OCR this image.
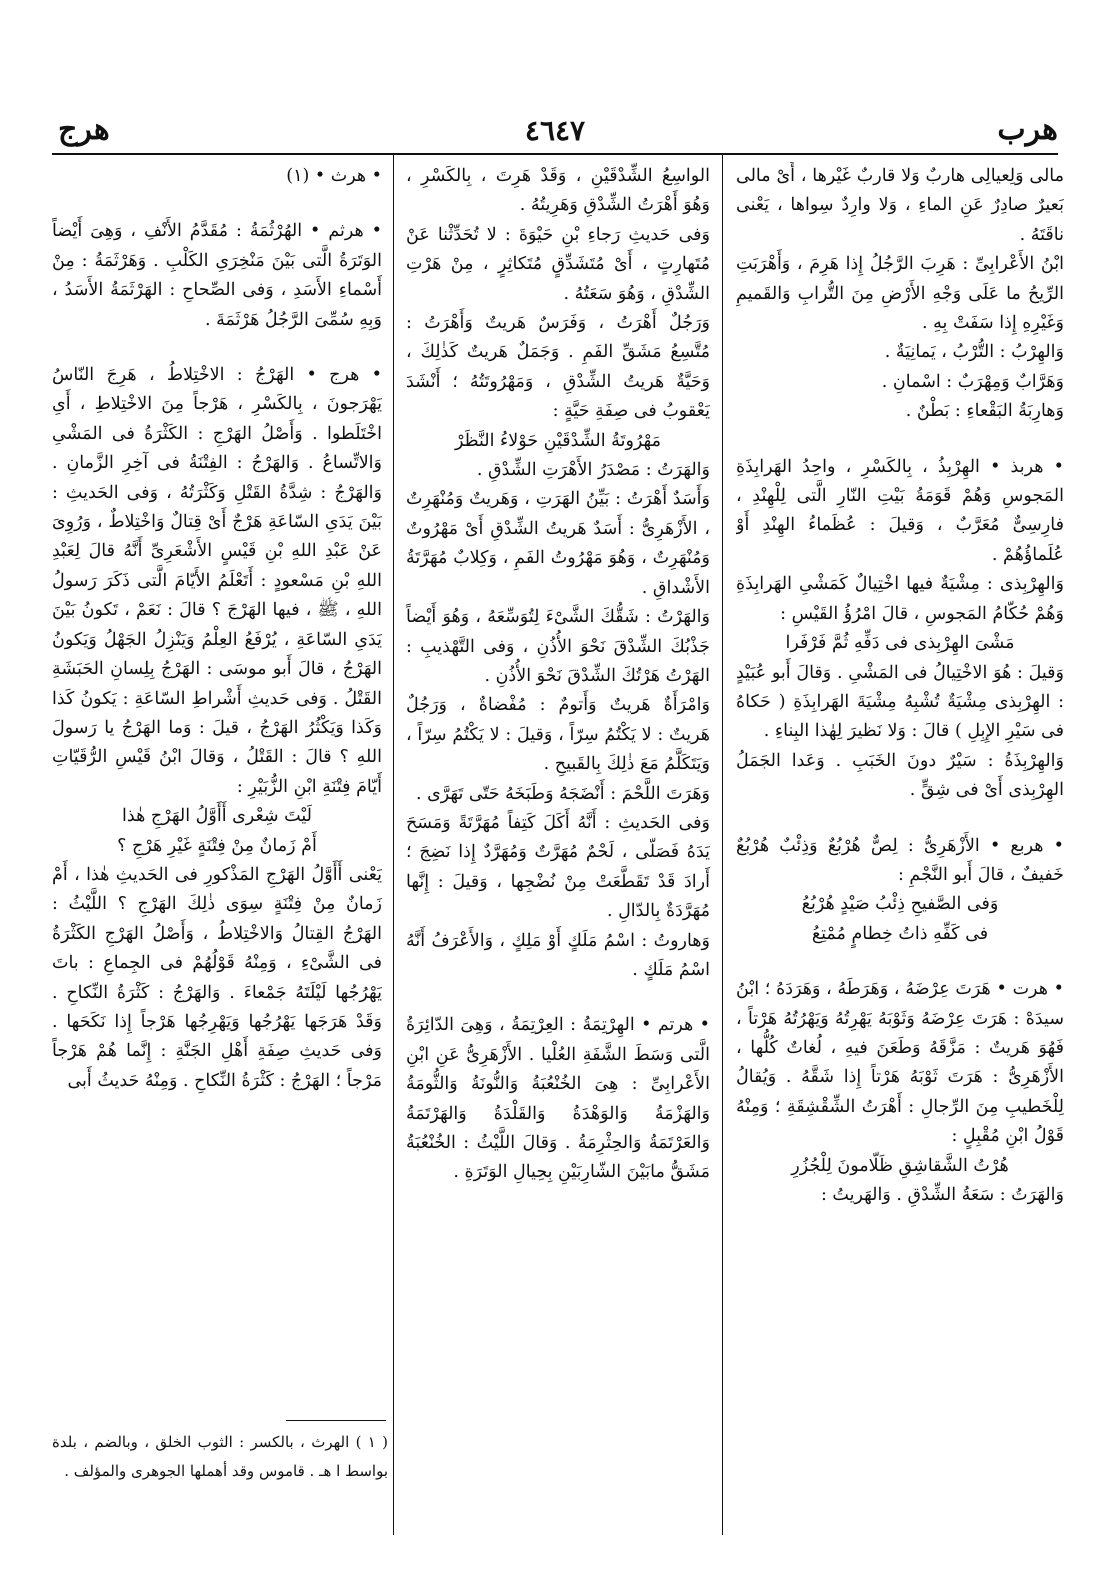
هرب
٤٦٤٧
هرج

مالى وَلِعيالِى هاربٌ وَلا قاربٌ غَيْرها ، أَىْ مالى بَعيرٌ صادِرٌ عَنِ الماءِ ، وَلا وارِدٌ سِواها ، يَعْنى ناقَتَهُ .

ابْنُ الأَعْرابِىِّ : هَرِبَ الرَّجُلُ إِذا هَرِمَ ، وَأَهْرَبَتِ الرِّيحُ ما عَلَى وَجْهِ الأَرْضِ مِنَ التُّرابِ وَالقَميمِ وَغَيْرِهِ إِذا سَفَتْ بِهِ .

وَالهِرْبُ : التُّرْبُ ، يَمانِيَةٌ .

وَهَرَّابٌ وَمِهْرَبٌ : اسْمانِ .

وَهارِبَةُ البَقْعاءِ : بَطْنٌ .

• هربذ • الهِرْبِذُ ، بِالكَسْرِ ، واحِدُ الهَرابِذَةِ المَجوسِ وَهُمْ قَوَمَةُ بَيْتِ النّارِ الَّتى لِلْهِنْدِ ، فارِسِىٌّ مُعَرَّبٌ ، وَقيلَ : عُظَماءُ الهِنْدِ أَوْ عُلَماؤُهُمْ .

وَالهِرْبِذى : مِشْيَةٌ فيها اخْتِيالٌ كَمَشْىِ الهَرابِذَةِ وَهُمْ حُكّامُ المَجوسِ ، قالَ امْرُؤُ القَيْسِ :

مَشْىَ الهِرْبِذى فى دَفِّهِ ثُمَّ فَرْفَرا

وَقيلَ : هُوَ الاخْتِيالُ فى المَشْىِ . وَقالَ أَبو عُبَيْدٍ : الهِرْبِذى مِشْيَةٌ تُشْبِهُ مِشْيَةَ الهَرابِذَةِ ( حَكاهُ فى سَيْرِ الإِبِلِ ) قالَ : وَلا نَظيرَ لِهٰذا البِناءِ .

وَالهِرْبِذَةُ : سَيْرٌ دونَ الخَبَبِ . وَعَدا الجَمَلُ الهِرْبِذى أَىْ فى شِقٍّ .

• هربع • الأَزْهَرِىُّ : لِصٌّ هُرْبُعٌ وَذِئْبٌ هُرْبُعٌ خَفيفٌ ، قالَ أَبو النَّجْمِ :

وَفى الصَّفيحِ ذِئْبُ صَيْدٍ هُرْبُعُ

فى كَفِّهِ ذاتُ خِطامٍ مُمْتِعُ

• هرت • هَرَتَ عِرْضَهُ ، وَهَرَطَهُ ، وَهَرَدَهُ ؛ ابْنُ سيدَهْ : هَرَتَ عِرْضَهُ وَثَوْبَهُ يَهْرِتُهُ وَيَهْرُتُهُ هَرْتاً ، فَهُوَ هَريتٌ : مَزَّقَهُ وَطَعَنَ فيهِ ، لُغاتٌ كُلُّها ، الأَزْهَرِىُّ : هَرَتَ ثَوْبَهُ هَرْتاً إِذا شَقَّهُ . وَيُقالُ لِلْخَطيبِ مِنَ الرِّجالِ : أَهْرَتُ الشِّقْشِقَةِ ؛ وَمِنْهُ قَوْلُ ابْنِ مُقْبِلٍ :

هُرْتُ الشَّقاشِقِ ظَلّامونَ لِلْجُزُرِ

وَالهَرَتُ : سَعَةُ الشِّدْقِ . وَالهَريتُ :

الواسِعُ الشِّدْقَيْنِ ، وَقَدْ هَرِتَ ، بِالكَسْرِ ، وَهُوَ أَهْرَتُ الشِّدْقِ وَهَرِيتُهُ .

وَفى حَديثِ رَجاءِ بْنِ حَيْوَةَ : لا تُحَدِّثْنا عَنْ مُتَهارِتٍ ، أَىْ مُتَشَدِّقٍ مُتَكاثِرٍ ، مِنْ هَرْتِ الشِّدْقِ ، وَهُوَ سَعَتُهُ .

وَرَجُلٌ أَهْرَتُ ، وَفَرَسٌ هَريتٌ وَأَهْرَتُ : مُتَّسِعُ مَشَقِّ الفَمِ . وَجَمَلٌ هَريتٌ كَذٰلِكَ ، وَحَيَّةٌ هَريتُ الشِّدْقِ ، وَمَهْرُوتَتُهُ ؛ أَنْشَدَ يَعْقوبُ فى صِفَةِ حَيَّةٍ :

مَهْرُوتَةُ الشِّدْقَيْنِ حَوْلاءُ النَّظَرْ

وَالهَرَتُ : مَصْدَرُ الأَهْرَتِ الشِّدْقِ .

وَأَسَدٌ أَهْرَتُ : بَيِّنُ الهَرَتِ ، وَهَريتٌ وَمُنْهَرِتٌ ، الأَزْهَرِىُّ : أَسَدٌ هَريتُ الشِّدْقِ أَىْ مَهْرُوتٌ وَمُنْهَرِتٌ ، وَهُوَ مَهْرُوتُ الفَمِ ، وَكِلابٌ مُهَرَّتَةُ الأَشْداقِ .

وَالهَرْتُ : شَقُّكَ الشَّىْءَ لِتُوَسِّعَهُ ، وَهُوَ أَيْضاً جَذْبُكَ الشِّدْقَ نَحْوَ الأُذُنِ ، وَفى التَّهْذيبِ : الهَرْتُ هَرْتُكَ الشِّدْقَ نَحْوَ الأُذُنِ .

وَامْرَأَةٌ هَريتٌ وَأَتومٌ : مُفْضاةٌ ، وَرَجُلٌ هَريتٌ : لا يَكْتُمُ سِرّاً ، وَقيلَ : لا يَكْتُمُ سِرّاً ، وَيَتَكَلَّمُ مَعَ ذٰلِكَ بِالقَبيحِ .

وَهَرَتَ اللَّحْمَ : أَنْضَجَهُ وَطَبَخَهُ حَتّى تَهَرَّى .

وَفى الحَديثِ : أَنَّهُ أَكَلَ كَتِفاً مُهَرَّتَةً وَمَسَحَ يَدَهُ فَصَلّى ، لَحْمٌ مُهَرَّتٌ وَمُهَرَّدٌ إِذا نَضِجَ ؛ أَرادَ قَدْ تَقَطَّعَتْ مِنْ نُضْجِها ، وَقيلَ : إِنَّها مُهَرَّدَةٌ بِالدّالِ .

وَهاروتُ : اسْمُ مَلَكٍ أَوْ مَلِكٍ ، وَالأَعْرَفُ أَنَّهُ اسْمُ مَلَكٍ .

• هرتم • الهِرْتِمَةُ : العِرْتِمَةُ ، وَهِىَ الدّائِرَةُ الَّتى وَسَطَ الشَّفَةِ العُلْيا . الأَزْهَرِىُّ عَنِ ابْنِ الأَعْرابِىِّ : هِىَ الخُنْعُبَةُ وَالنُّونَةُ وَالثُّومَةُ وَالهَزْمَةُ وَالوَهْدَةُ وَالقَلْدَةُ وَالهَرْتَمَةُ وَالعَرْتَمَةُ وَالحِثْرِمَةُ . وَقالَ اللَّيْثُ : الخُنْعُبَةُ مَشَقُّ مابَيْنَ الشّارِبَيْنِ بِحِيالِ الوَتَرَةِ .

• هرث • (١)

• هرثم • الهُرْثُمَةُ : مُقَدَّمُ الأَنْفِ ، وَهِىَ أَيْضاً الوَتَرَةُ الَّتى بَيْنَ مَنْخِرَىِ الكَلْبِ . وَهَرْثَمَةُ : مِنْ أَسْماءِ الأَسَدِ ، وَفى الصِّحاحِ : الهَرْثَمَةُ الأَسَدُ ، وَبِهِ سُمِّىَ الرَّجُلُ هَرْثَمَةَ .

• هرج • الهَرْجُ : الاخْتِلاطُ ، هَرِجَ النّاسُ يَهْرَجونَ ، بِالكَسْرِ ، هَرْجاً مِنَ الاخْتِلاطِ ، أَىِ اخْتَلَطوا . وَأَصْلُ الهَرْجِ : الكَثْرَةُ فى المَشْىِ وَالاتِّساعُ . وَالهَرْجُ : الفِتْنَةُ فى آخِرِ الزَّمانِ . وَالهَرْجُ : شِدَّةُ القَتْلِ وَكَثْرَتُهُ ، وَفى الحَديثِ : بَيْنَ يَدَىِ السّاعَةِ هَرْجٌ أَىْ قِتالٌ وَاخْتِلاطٌ ، وَرُوِىَ عَنْ عَبْدِ اللهِ بْنِ قَيْسٍ الأَشْعَرِىِّ أَنَّهُ قالَ لِعَبْدِ اللهِ بْنِ مَسْعودٍ : أَتَعْلَمُ الأَيّامَ الَّتى ذَكَرَ رَسولُ اللهِ ، ﷺ ، فيها الهَرْجَ ؟ قالَ : نَعَمْ ، تَكونُ بَيْنَ يَدَىِ السّاعَةِ ، يُرْفَعُ العِلْمُ وَيَنْزِلُ الجَهْلُ وَيَكونُ الهَرْجُ ، قالَ أَبو موسَى : الهَرْجُ بِلِسانِ الحَبَشَةِ القَتْلُ . وَفى حَديثِ أَشْراطِ السّاعَةِ : يَكونُ كَذا وَكَذا وَيَكْثُرُ الهَرْجُ ، قيلَ : وَما الهَرْجُ يا رَسولَ اللهِ ؟ قالَ : القَتْلُ ، وَقالَ ابْنُ قَيْسِ الرُّقَيّاتِ أَيّامَ فِتْنَةِ ابْنِ الزُّبَيْرِ :

لَيْتَ شِعْرى أَأَوَّلُ الهَرْجِ هٰذا

أَمْ زَمانٌ مِنْ فِتْنَةٍ غَيْرِ هَرْجِ ؟

يَعْنى أَأَوَّلُ الهَرْجِ المَذْكورِ فى الحَديثِ هٰذا ، أَمْ زَمانٌ مِنْ فِتْنَةٍ سِوَى ذٰلِكَ الهَرْجِ ؟ اللَّيْثُ : الهَرْجُ القِتالُ وَالاخْتِلاطُ ، وَأَصْلُ الهَرْجِ الكَثْرَةُ فى الشَّىْءِ ، وَمِنْهُ قَوْلُهُمْ فى الجِماعِ : باتَ يَهْرُجُها لَيْلَتَهُ جَمْعاءَ . وَالهَرْجُ : كَثْرَةُ النِّكاحِ . وَقَدْ هَرَجَها يَهْرُجُها وَيَهْرِجُها هَرْجاً إِذا نَكَحَها . وَفى حَديثِ صِفَةِ أَهْلِ الجَنَّةِ : إِنَّما هُمْ هَرْجاً مَرْجاً ؛ الهَرْجُ : كَثْرَةُ النِّكاحِ . وَمِنْهُ حَديثُ أَبى

( ١ ) الهرث ، بالكسر : الثوب الخلق ، وبالضم ، بلدة بواسط ا هـ . قاموس وقد أهملها الجوهرى والمؤلف .
